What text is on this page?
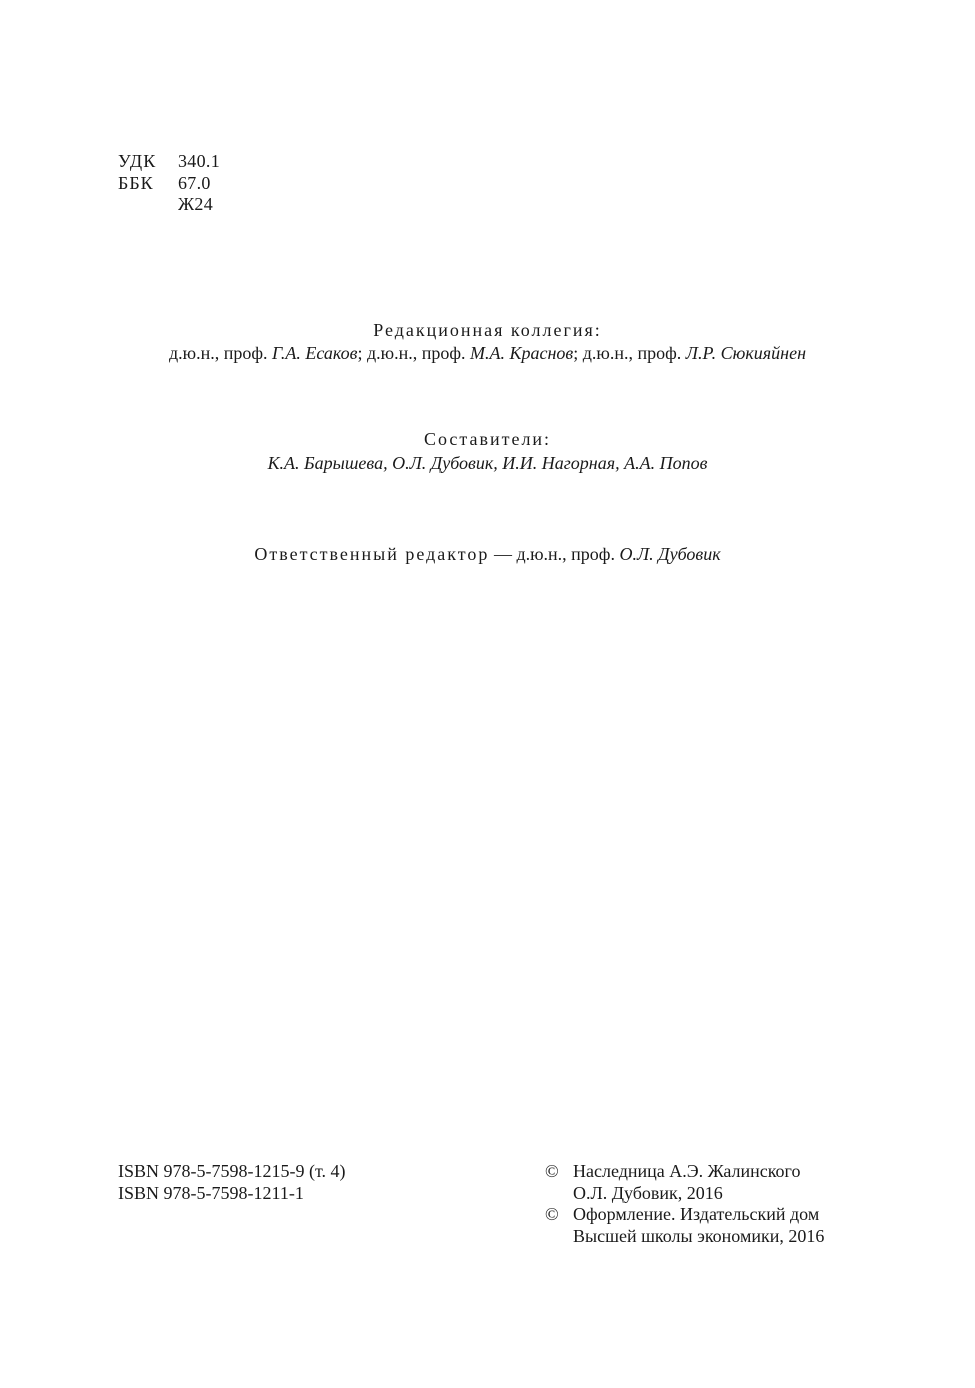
УДК	340.1
ББК	67.0
Ж24
Редакционная коллегия:
д.ю.н., проф. Г.А. Есаков; д.ю.н., проф. М.А. Краснов; д.ю.н., проф. Л.Р. Сюкияйнен
Составители:
К.А. Барышева, О.Л. Дубовик, И.И. Нагорная, А.А. Попов
Ответственный редактор — д.ю.н., проф. О.Л. Дубовик
ISBN 978-5-7598-1215-9 (т. 4)
ISBN 978-5-7598-1211-1
© Наследница А.Э. Жалинского
О.Л. Дубовик, 2016
© Оформление. Издательский дом
Высшей школы экономики, 2016
